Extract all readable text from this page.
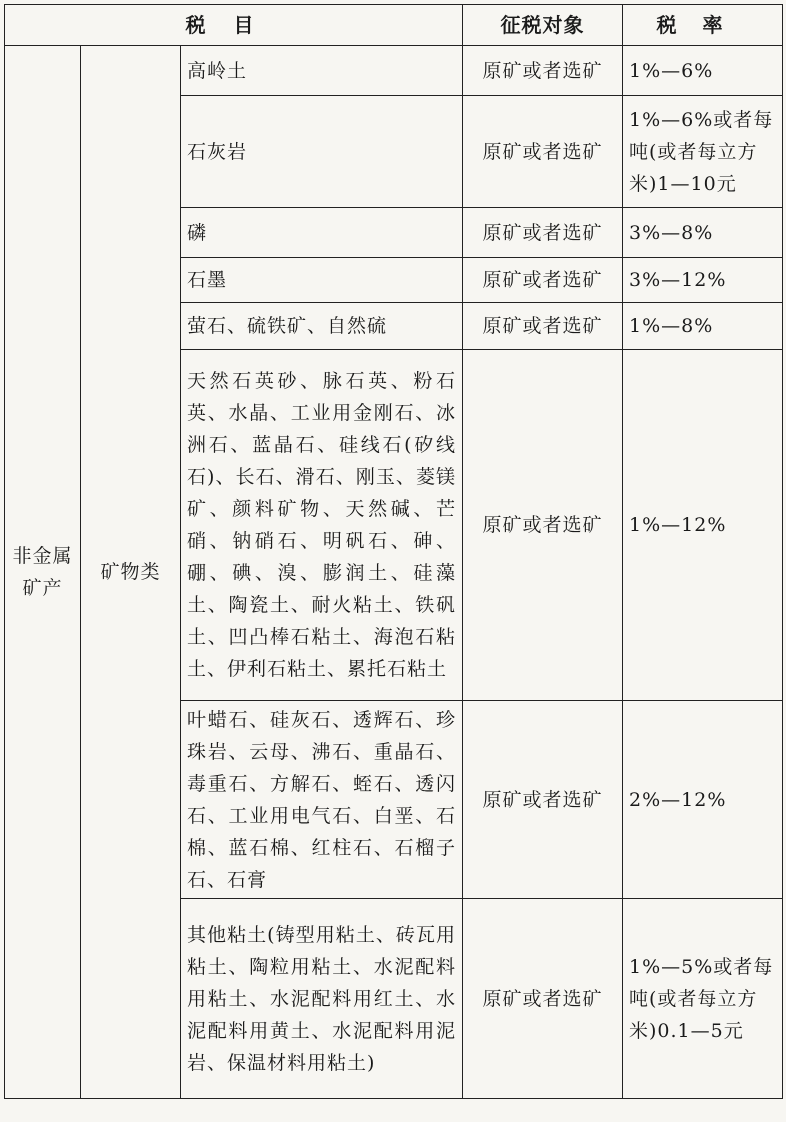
税目			征税对象	税率
非金属矿产	矿物类	高岭土	原矿或者选矿	1%—6%
		石灰岩	原矿或者选矿	1%—6%或者每吨(或者每立方米)1—10元
		磷	原矿或者选矿	3%—8%
		石墨	原矿或者选矿	3%—12%
		萤石、硫铁矿、自然硫	原矿或者选矿	1%—8%
		天然石英砂、脉石英、粉石英、水晶、工业用金刚石、冰洲石、蓝晶石、硅线石(矽线石)、长石、滑石、刚玉、菱镁矿、颜料矿物、天然碱、芒硝、钠硝石、明矾石、砷、硼、碘、溴、膨润土、硅藻土、陶瓷土、耐火粘土、铁矾土、凹凸棒石粘土、海泡石粘土、伊利石粘土、累托石粘土	原矿或者选矿	1%—12%
		叶蜡石、硅灰石、透辉石、珍珠岩、云母、沸石、重晶石、毒重石、方解石、蛭石、透闪石、工业用电气石、白垩、石棉、蓝石棉、红柱石、石榴子石、石膏	原矿或者选矿	2%—12%
		其他粘土(铸型用粘土、砖瓦用粘土、陶粒用粘土、水泥配料用粘土、水泥配料用红土、水泥配料用黄土、水泥配料用泥岩、保温材料用粘土)	原矿或者选矿	1%—5%或者每吨(或者每立方米)0.1—5元
